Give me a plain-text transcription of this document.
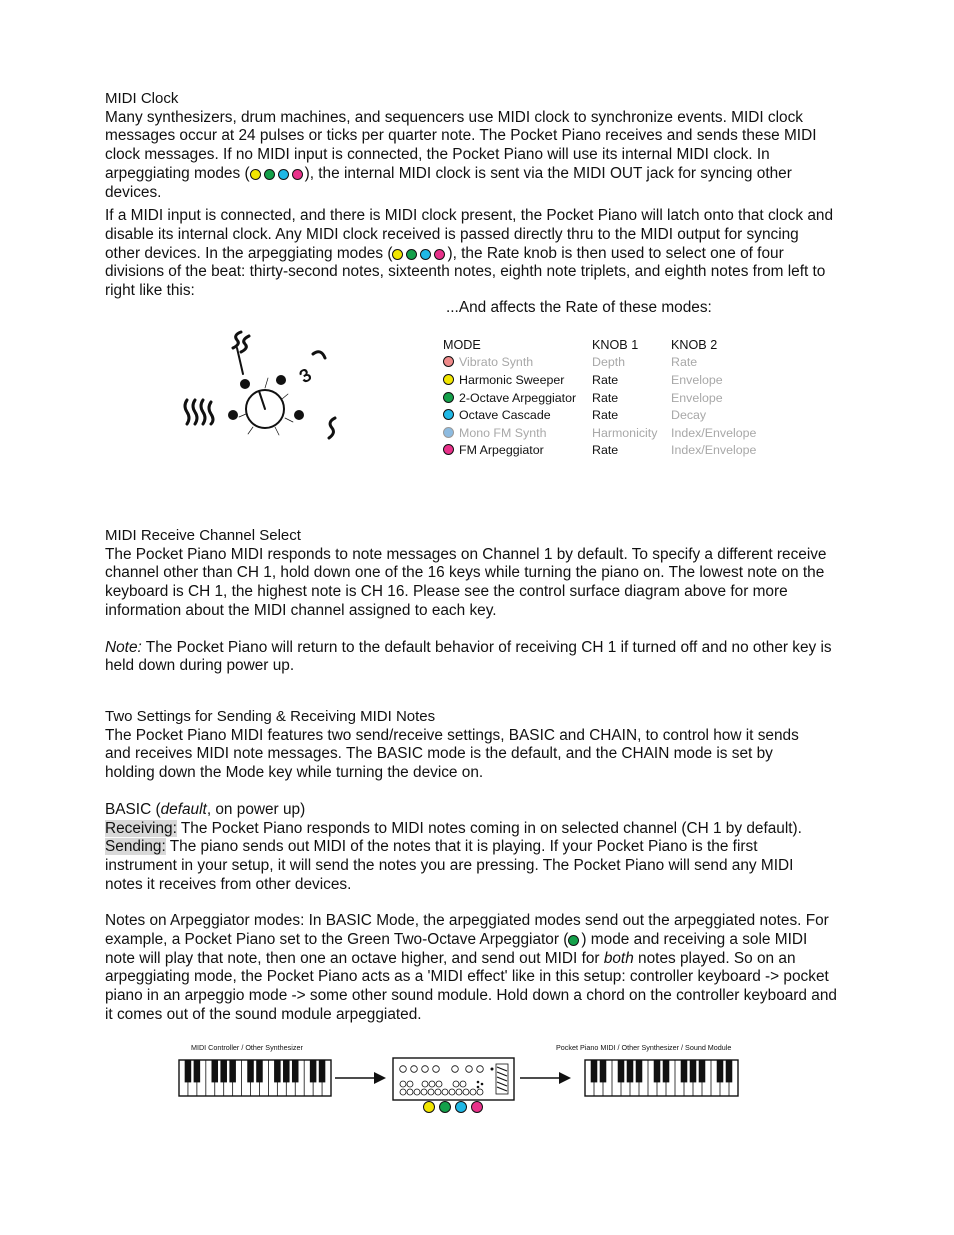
MIDI Clock

Many synthesizers, drum machines, and sequencers use MIDI clock to synchronize events. MIDI clock messages occur at 24 pulses or ticks per quarter note. The Pocket Piano receives and sends these MIDI clock messages. If no MIDI input is connected, the Pocket Piano will use its internal MIDI clock. In arpeggiating modes (	), the internal MIDI clock is sent via the MIDI OUT jack for syncing other devices.

If a MIDI input is connected, and there is MIDI clock present, the Pocket Piano will latch onto that clock and disable its internal clock. Any MIDI clock received is passed directly thru to the MIDI output for syncing other devices. In the arpeggiating modes (	), the Rate knob is then used to select one of four divisions of the beat: thirty-second notes, sixteenth notes, eighth note triplets, and eighth notes from left to right like this:

...And affects the Rate of these modes:

3
MODE	KNOB 1	KNOB 2
Vibrato Synth	Depth	Rate
Harmonic Sweeper	Rate	Envelope
2-Octave Arpeggiator	Rate	Envelope
Octave Cascade	Rate	Decay
Mono FM Synth	Harmonicity	Index/Envelope
FM Arpeggiator	Rate	Index/Envelope

MIDI Receive Channel Select

The Pocket Piano MIDI responds to note messages on Channel 1 by default. To specify a different receive channel other than CH 1, hold down one of the 16 keys while turning the piano on. The lowest note on the keyboard is CH 1, the highest note is CH 16. Please see the control surface diagram above for more information about the MIDI channel assigned to each key.

Note: The Pocket Piano will return to the default behavior of receiving CH 1 if turned off and no other key is held down during power up.

Two Settings for Sending & Receiving MIDI Notes

The Pocket Piano MIDI features two send/receive settings, BASIC and CHAIN, to control how it sends and receives MIDI note messages. The BASIC mode is the default, and the CHAIN mode is set by holding down the Mode key while turning the device on.

BASIC (default, on power up)

Receiving: The Pocket Piano responds to MIDI notes coming in on selected channel (CH 1 by default).

Sending: The piano sends out MIDI of the notes that it is playing. If your Pocket Piano is the first instrument in your setup, it will send the notes you are pressing. The Pocket Piano will send any MIDI notes it receives from other devices.

Notes on Arpeggiator modes: In BASIC Mode, the arpeggiated modes send out the arpeggiated notes. For example, a Pocket Piano set to the Green Two-Octave Arpeggiator ( ) mode and receiving a sole MIDI note will play that note, then one an octave higher, and send out MIDI for both notes played. So on an arpeggiating mode, the Pocket Piano acts as a 'MIDI effect' like in this setup: controller keyboard -> pocket piano in an arpeggio mode -> some other sound module. Hold down a chord on the controller keyboard and it comes out of the sound module arpeggiated.

MIDI Controller / Other Synthesizer	Pocket Piano MIDI / Other Synthesizer / Sound Module
